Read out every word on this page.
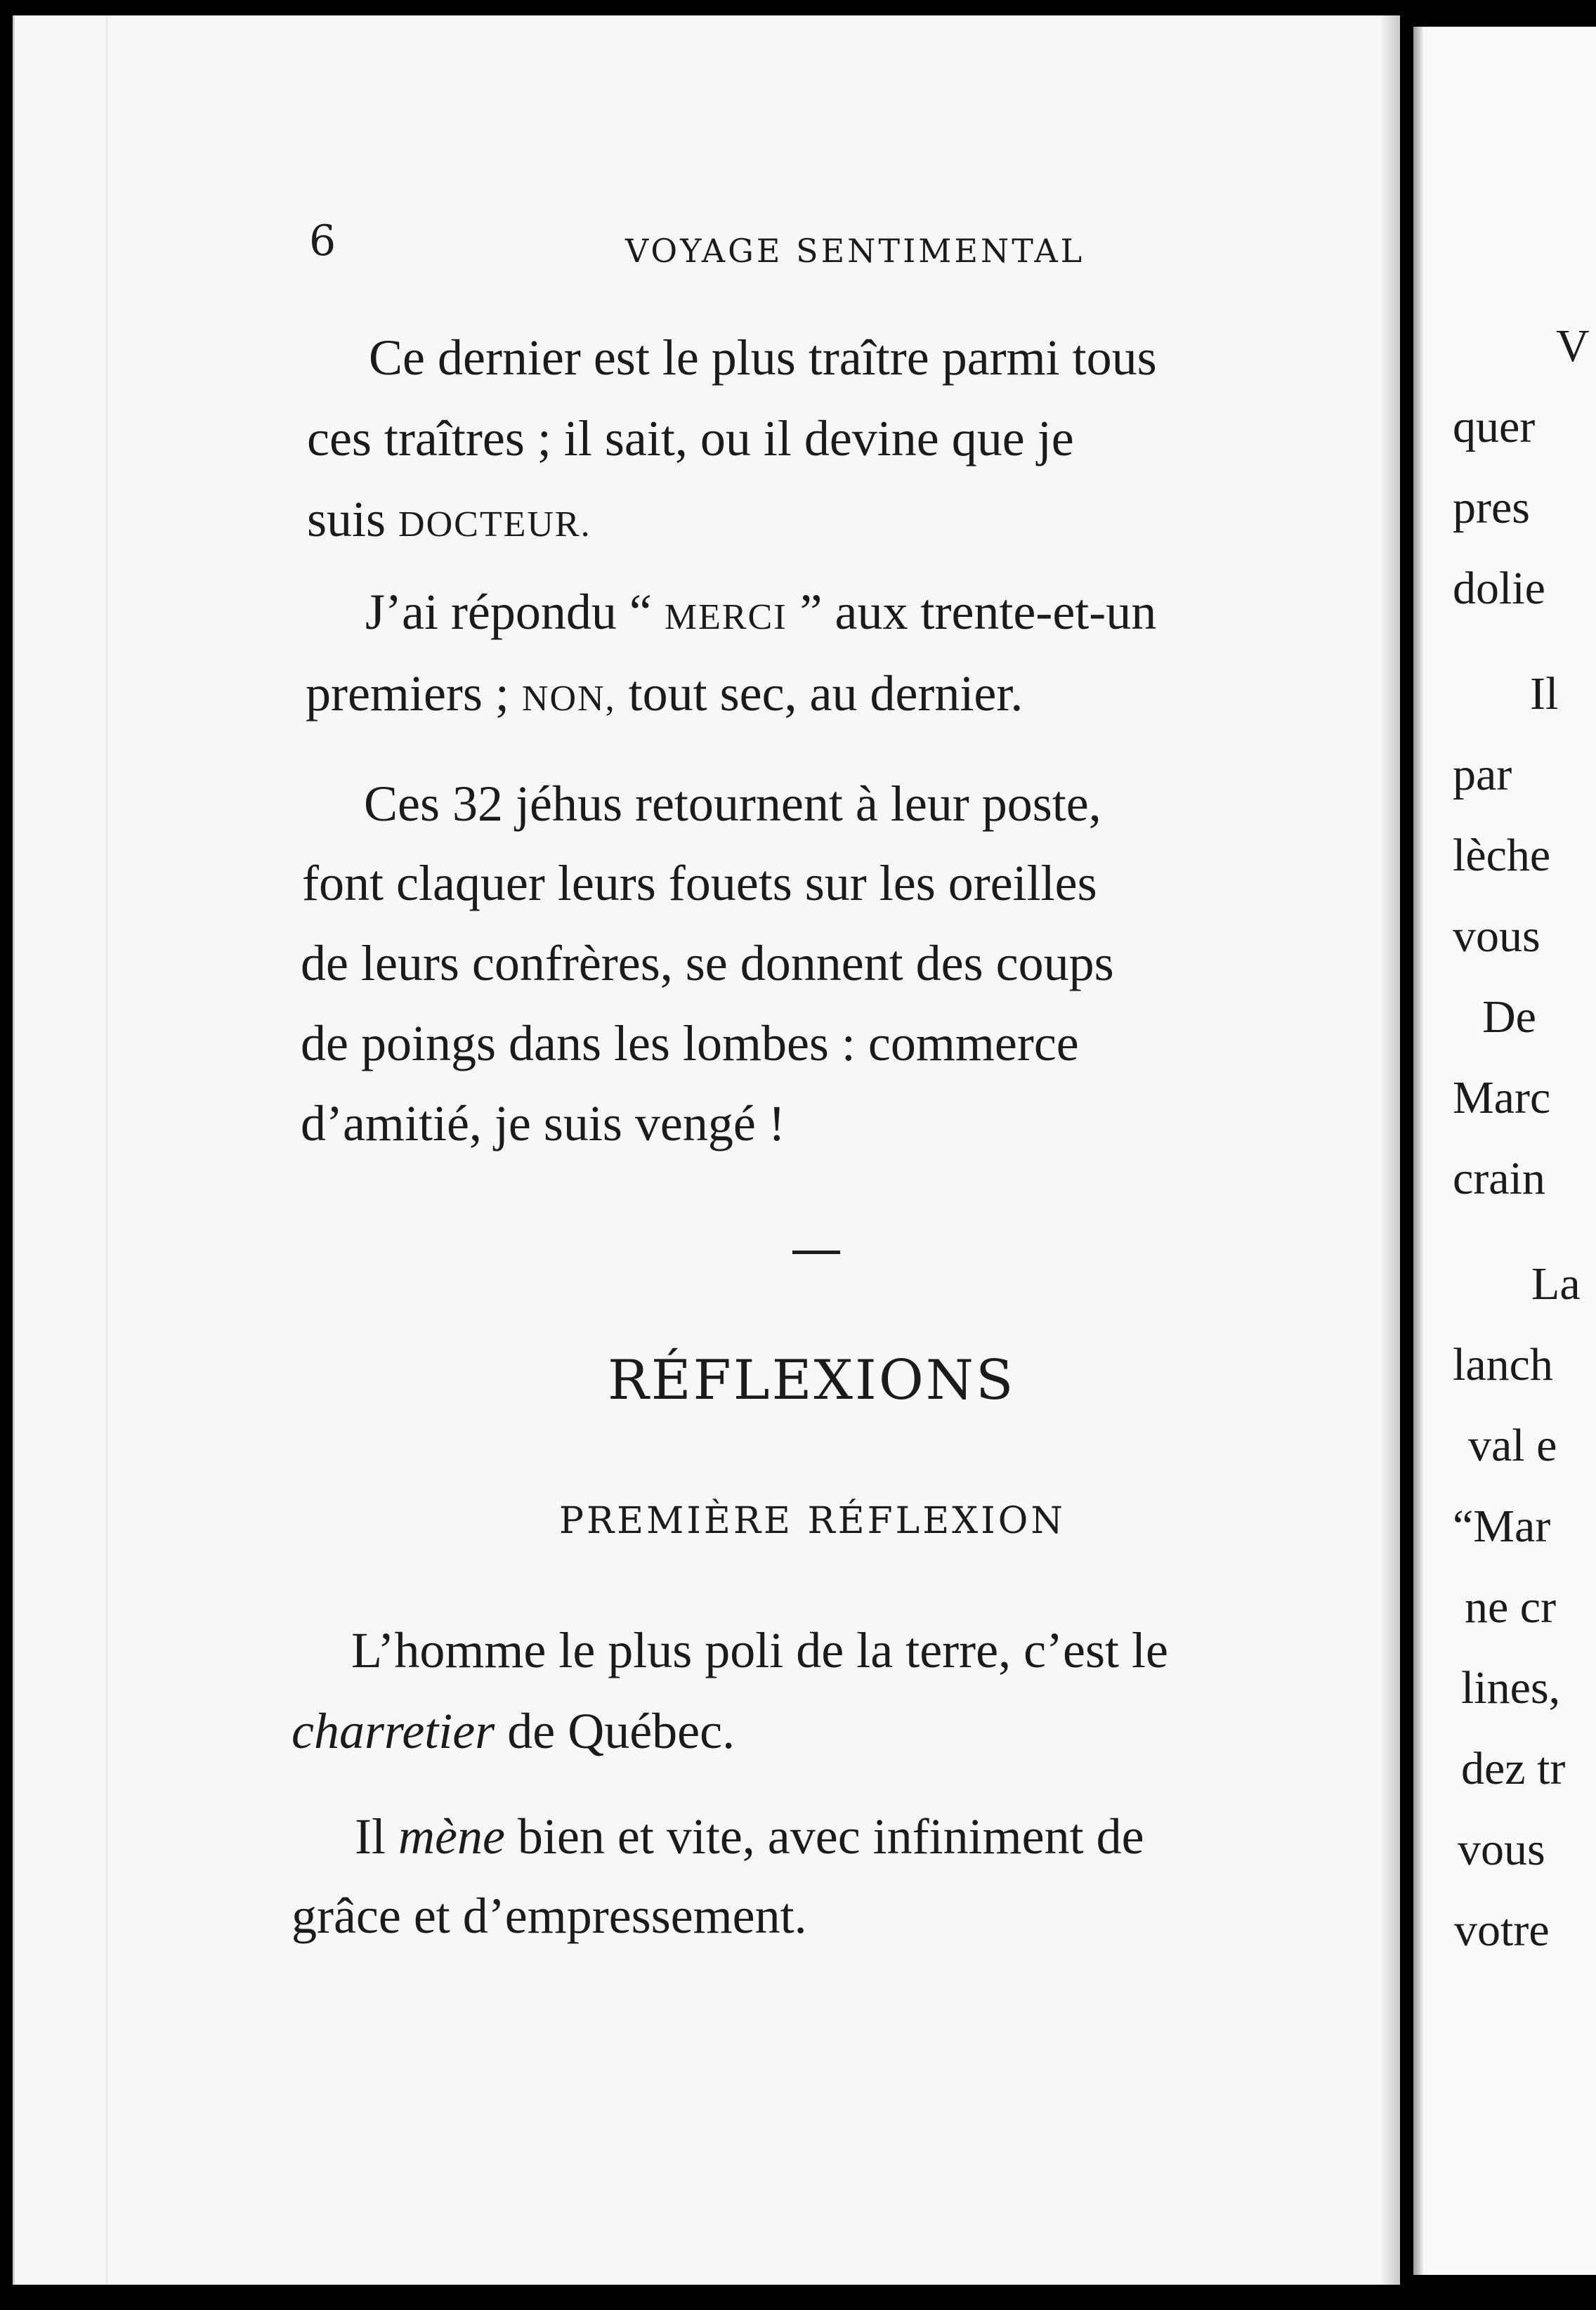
6	VOYAGE SENTIMENTAL
Ce dernier est le plus traître parmi tous
ces traîtres ; il sait, ou il devine que je
suis DOCTEUR.
J’ai répondu “ MERCI ” aux trente-et-un
premiers ; NON, tout sec, au dernier.
Ces 32 jéhus retournent à leur poste,
font claquer leurs fouets sur les oreilles
de leurs confrères, se donnent des coups
de poings dans les lombes : commerce
d’amitié, je suis vengé !
RÉFLEXIONS
PREMIÈRE RÉFLEXION
L’homme le plus poli de la terre, c’est le
charretier de Québec.
Il mène bien et vite, avec infiniment de
grâce et d’empressement.
V
quer
pres
dolie
Il
par
lèche
vous
De
Marc
crain
La
lanch
val e
“Mar
ne cr
lines,
dez tr
vous
votre
